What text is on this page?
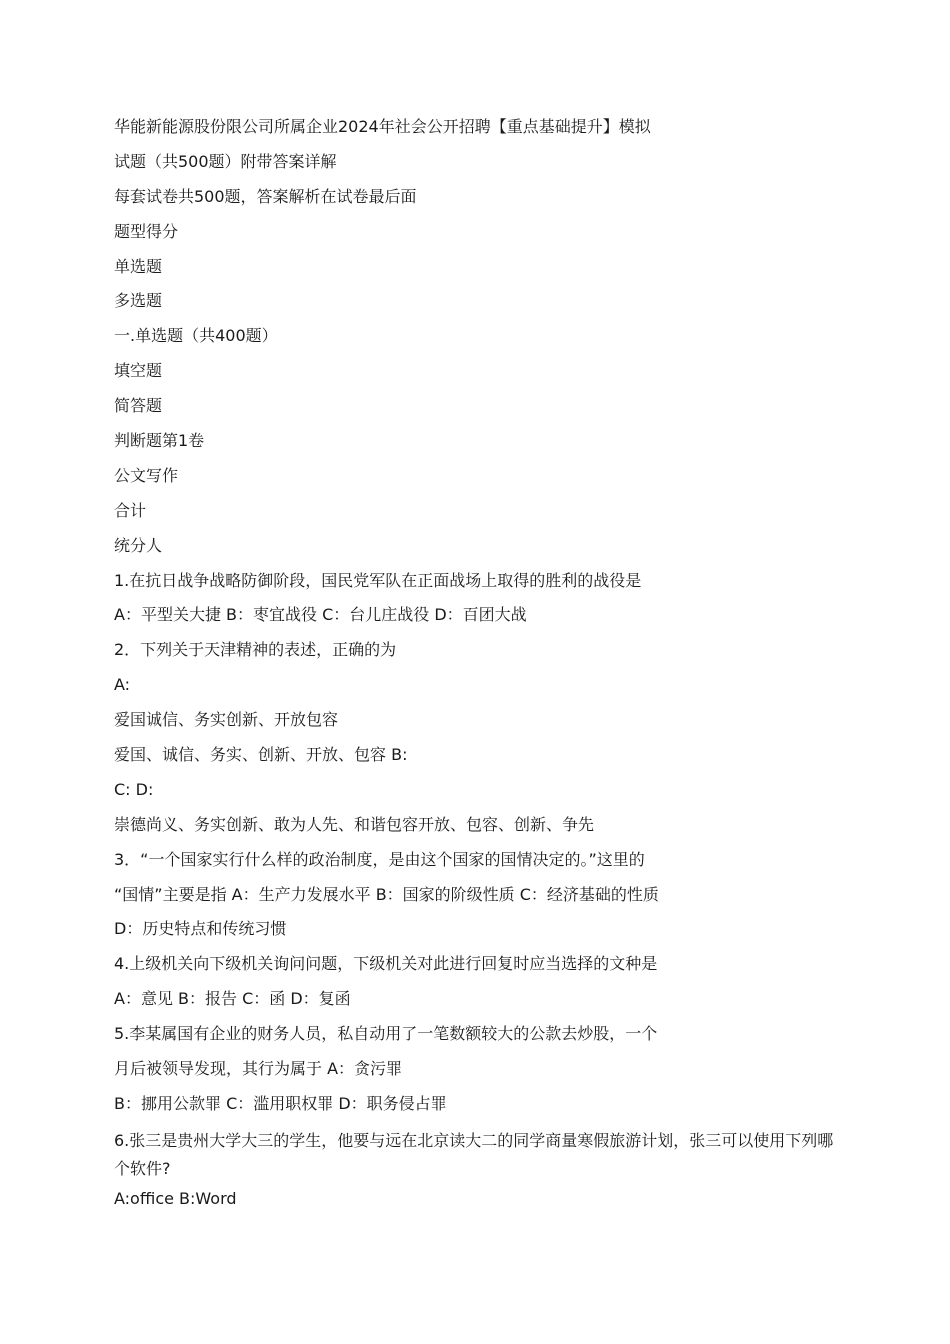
华能新能源股份限公司所属企业2024年社会公开招聘【重点基础提升】模拟
试题（共500题）附带答案详解
每套试卷共500题，答案解析在试卷最后面
题型得分
单选题
多选题
一.单选题（共400题）
填空题
简答题
判断题第1卷
公文写作
合计
统分人
1.在抗日战争战略防御阶段，国民党军队在正面战场上取得的胜利的战役是
A：平型关大捷 B：枣宜战役 C：台儿庄战役 D：百团大战
2．下列关于天津精神的表述，正确的为
A:
爱国诚信、务实创新、开放包容
爱国、诚信、务实、创新、开放、包容 B:
C: D:
崇德尚义、务实创新、敢为人先、和谐包容开放、包容、创新、争先
3．“一个国家实行什么样的政治制度，是由这个国家的国情决定的。”这里的
“国情”主要是指 A：生产力发展水平 B：国家的阶级性质 C：经济基础的性质
D：历史特点和传统习惯
4.上级机关向下级机关询问问题，下级机关对此进行回复时应当选择的文种是
A：意见 B：报告 C：函 D：复函
5.李某属国有企业的财务人员，私自动用了一笔数额较大的公款去炒股，一个
月后被领导发现，其行为属于 A：贪污罪
B：挪用公款罪 C：滥用职权罪 D：职务侵占罪
6.张三是贵州大学大三的学生，他要与远在北京读大二的同学商量寒假旅游计划，张三可以使用下列哪个软件?
A:office B:Word
